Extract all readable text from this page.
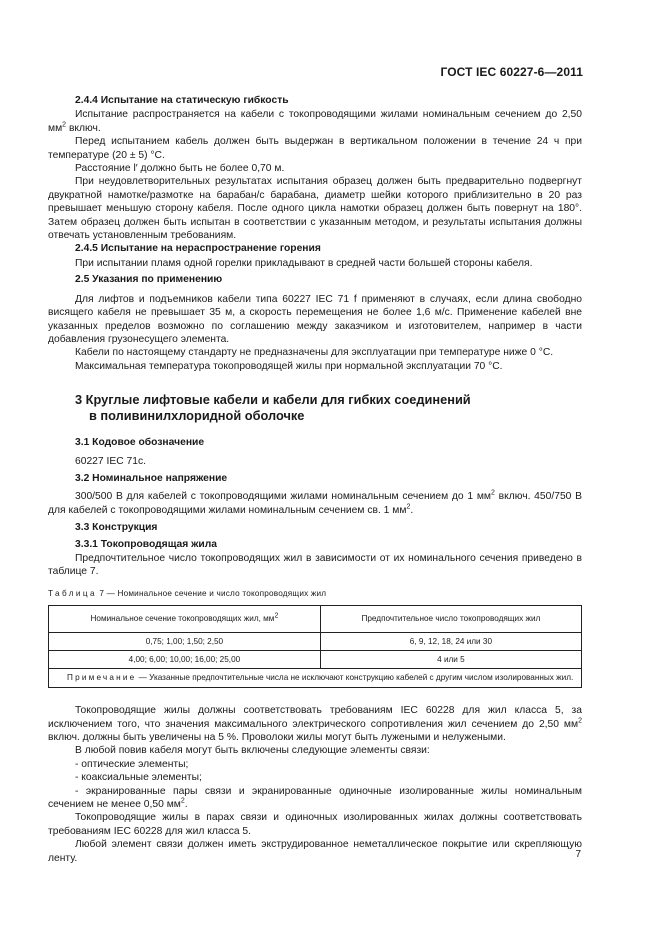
ГОСТ IEC 60227-6—2011

2.4.4 Испытание на статическую гибкость

Испытание распространяется на кабели с токопроводящими жилами номинальным сечением до 2,50 $мм^2$ включ.

Перед испытанием кабель должен быть выдержан в вертикальном положении в течение 24 ч при температуре (20 ± 5) °С.

Расстояние l′ должно быть не более 0,70 м.

При неудовлетворительных результатах испытания образец должен быть предварительно подвергнут двукратной намотке/размотке на барабан/с барабана, диаметр шейки которого приблизительно в 20 раз превышает меньшую сторону кабеля. После одного цикла намотки образец должен быть повернут на 180°. Затем образец должен быть испытан в соответствии с указанным методом, и результаты испытания должны отвечать установленным требованиям.

2.4.5 Испытание на нераспространение горения

При испытании пламя одной горелки прикладывают в средней части большей стороны кабеля.

2.5 Указания по применению

Для лифтов и подъемников кабели типа 60227 IEC 71 f применяют в случаях, если длина свободно висящего кабеля не превышает 35 м, а скорость перемещения не более 1,6 м/с. Применение кабелей вне указанных пределов возможно по соглашению между заказчиком и изготовителем, например в части добавления грузонесущего элемента.

Кабели по настоящему стандарту не предназначены для эксплуатации при температуре ниже 0 °С.

Максимальная температура токопроводящей жилы при нормальной эксплуатации 70 °С.

3 Круглые лифтовые кабели и кабели для гибких соединений
в поливинилхлоридной оболочке

3.1 Кодовое обозначение

60227 IEC 71c.

3.2 Номинальное напряжение

300/500 В для кабелей с токопроводящими жилами номинальным сечением до 1 $мм^2$ включ. 450/750 В для кабелей с токопроводящими жилами номинальным сечением св. 1 $мм^2$.

3.3 Конструкция

3.3.1 Токопроводящая жила

Предпочтительное число токопроводящих жил в зависимости от их номинального сечения приведено в таблице 7.

Таблица 7 — Номинальное сечение и число токопроводящих жил
Номинальное сечение токопроводящих жил, $мм^2$	Предпочтительное число токопроводящих жил
0,75; 1,00; 1,50; 2,50	6, 9, 12, 18, 24 или 30
4,00; 6,00; 10,00; 16,00; 25,00	4 или 5
Примечание — Указанные предпочтительные числа не исключают конструкцию кабелей с другим числом изолированных жил.	

Токопроводящие жилы должны соответствовать требованиям IEC 60228 для жил класса 5, за исключением того, что значения максимального электрического сопротивления жил сечением до 2,50 $мм^2$ включ. должны быть увеличены на 5 %. Проволоки жилы могут быть лужеными и нелужеными.

В любой повив кабеля могут быть включены следующие элементы связи:

- оптические элементы;

- коаксиальные элементы;

- экранированные пары связи и экранированные одиночные изолированные жилы номинальным сечением не менее 0,50 $мм^2$.

Токопроводящие жилы в парах связи и одиночных изолированных жилах должны соответствовать требованиям IEC 60228 для жил класса 5.

Любой элемент связи должен иметь экструдированное неметаллическое покрытие или скрепляющую ленту.	7
